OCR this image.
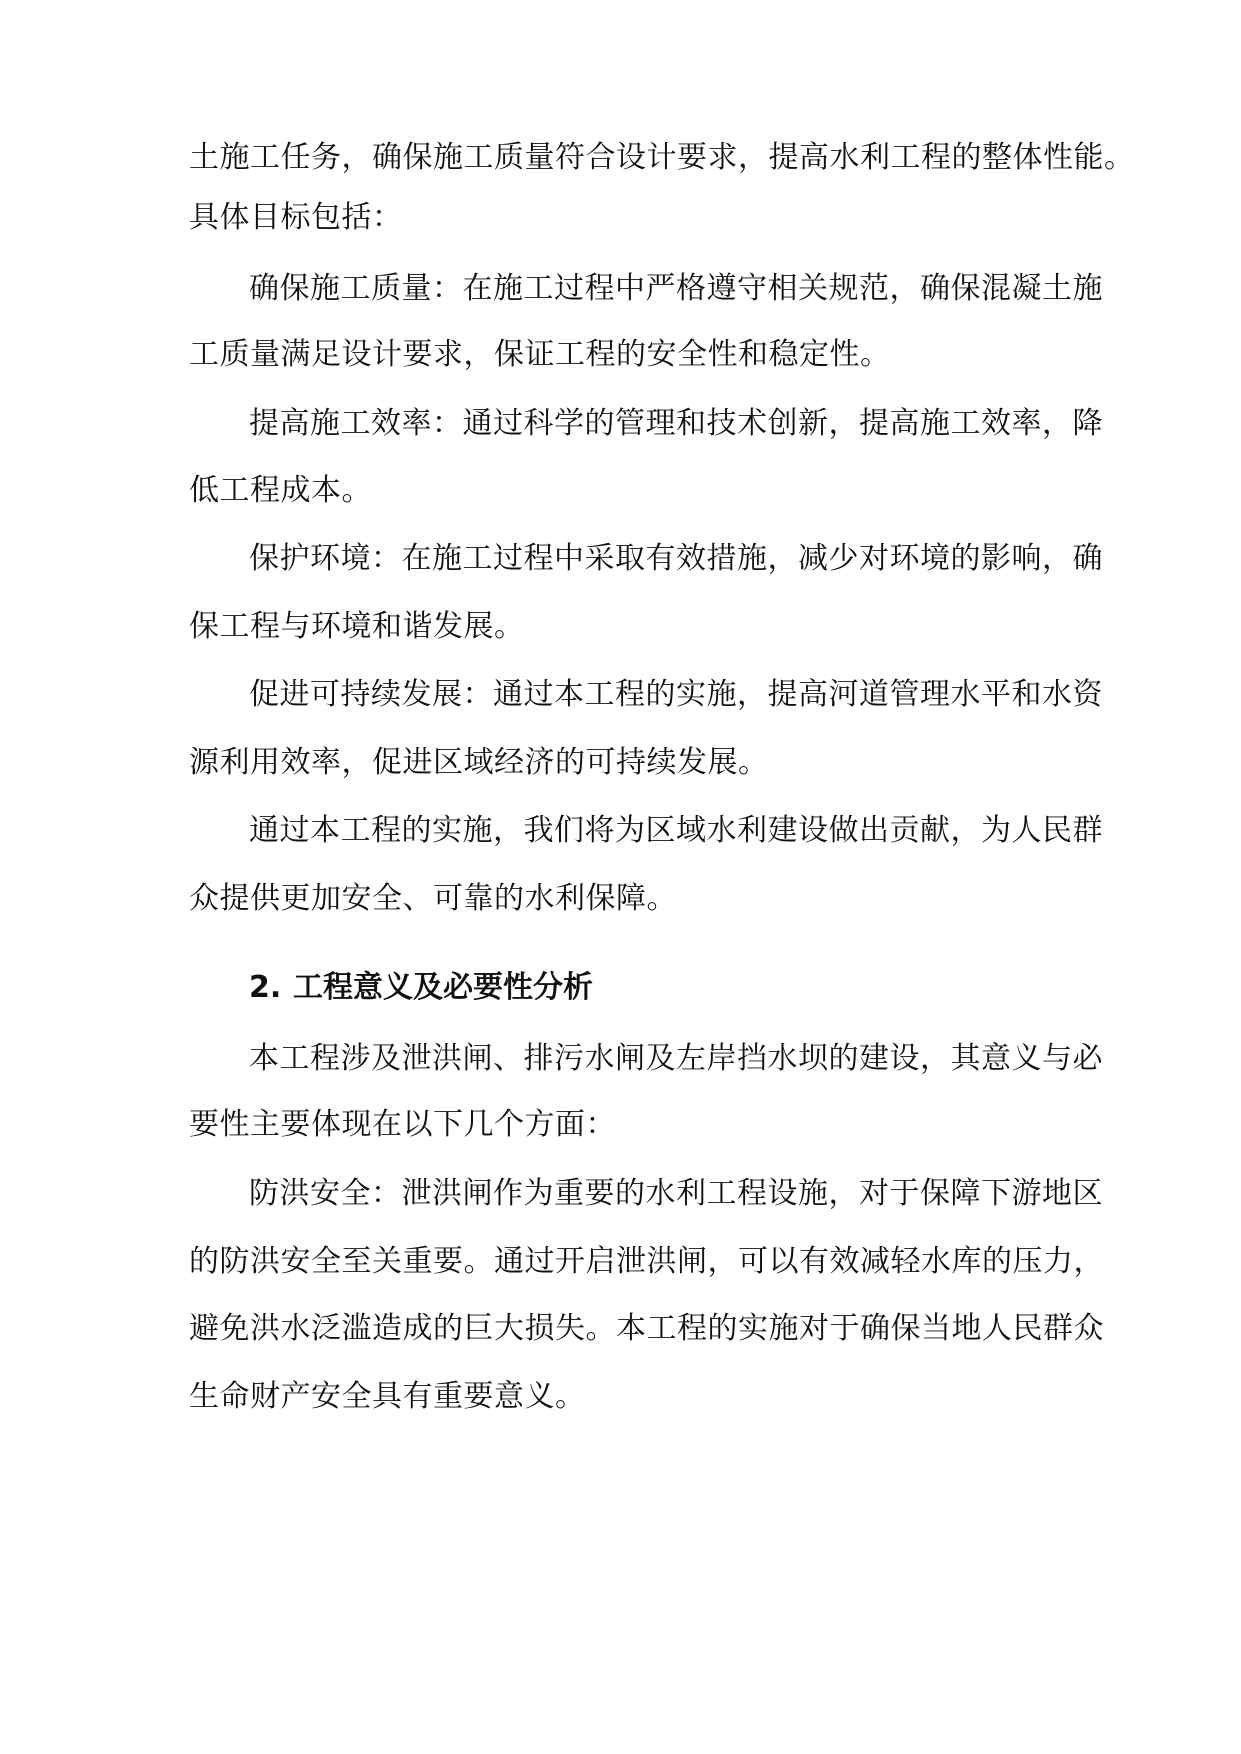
土施工任务，确保施工质量符合设计要求，提高水利工程的整体性能。
具体目标包括：
确保施工质量：在施工过程中严格遵守相关规范，确保混凝土施
工质量满足设计要求，保证工程的安全性和稳定性。
提高施工效率：通过科学的管理和技术创新，提高施工效率，降
低工程成本。
保护环境：在施工过程中采取有效措施，减少对环境的影响，确
保工程与环境和谐发展。
促进可持续发展：通过本工程的实施，提高河道管理水平和水资
源利用效率，促进区域经济的可持续发展。
通过本工程的实施，我们将为区域水利建设做出贡献，为人民群
众提供更加安全、可靠的水利保障。
2. 工程意义及必要性分析
本工程涉及泄洪闸、排污水闸及左岸挡水坝的建设，其意义与必
要性主要体现在以下几个方面：
防洪安全：泄洪闸作为重要的水利工程设施，对于保障下游地区
的防洪安全至关重要。通过开启泄洪闸，可以有效减轻水库的压力，
避免洪水泛滥造成的巨大损失。本工程的实施对于确保当地人民群众
生命财产安全具有重要意义。
